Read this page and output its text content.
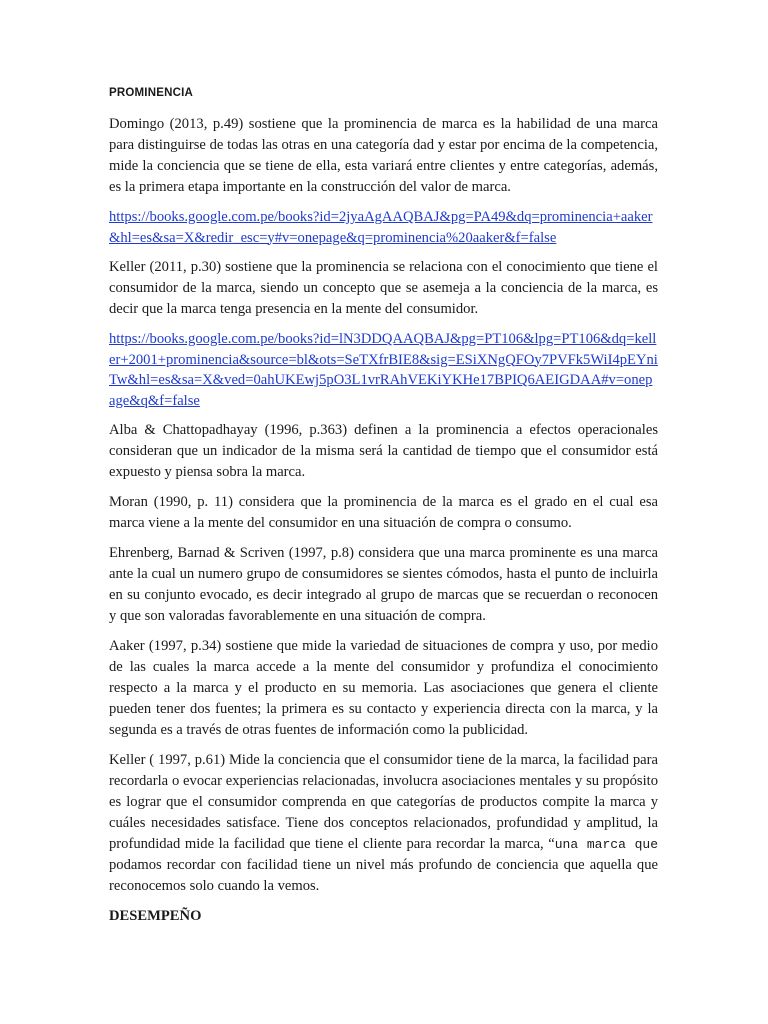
PROMINENCIA

Domingo (2013, p.49) sostiene que la prominencia de marca es la habilidad de una marca para distinguirse de todas las otras en una categoría dad y estar por encima de la competencia, mide la conciencia que se tiene de ella, esta variará entre clientes y entre categorías, además, es la primera etapa importante en la construcción del valor de marca.

https://books.google.com.pe/books?id=2jyaAgAAQBAJ&pg=PA49&dq=prominencia+aaker&hl=es&sa=X&redir_esc=y#v=onepage&q=prominencia%20aaker&f=false

Keller (2011, p.30) sostiene que la prominencia se relaciona con el conocimiento que tiene el consumidor de la marca, siendo un concepto que se asemeja a la conciencia de la marca, es decir que la marca tenga presencia en la mente del consumidor.

https://books.google.com.pe/books?id=lN3DDQAAQBAJ&pg=PT106&lpg=PT106&dq=keller+2001+prominencia&source=bl&ots=SeTXfrBIE8&sig=ESiXNgQFOy7PVFk5WiI4pEYniTw&hl=es&sa=X&ved=0ahUKEwj5pO3L1vrRAhVEKiYKHe17BPIQ6AEIGDAA#v=onepage&q&f=false

Alba & Chattopadhayay (1996, p.363) definen a la prominencia a efectos operacionales consideran que un indicador de la misma será la cantidad de tiempo que el consumidor está expuesto y piensa sobra la marca.

Moran (1990, p. 11) considera que la prominencia de la marca es el grado en el cual esa marca viene a la mente del consumidor en una situación de compra o consumo.

Ehrenberg, Barnad & Scriven (1997, p.8) considera que una marca prominente es una marca ante la cual un numero grupo de consumidores se sientes cómodos, hasta el punto de incluirla en su conjunto evocado, es decir integrado al grupo de marcas que se recuerdan o reconocen y que son valoradas favorablemente en una situación de compra.

Aaker (1997, p.34) sostiene que mide la variedad de situaciones de compra y uso, por medio de las cuales la marca accede a la mente del consumidor y profundiza el conocimiento respecto a la marca y el producto en su memoria. Las asociaciones que genera el cliente pueden tener dos fuentes; la primera es su contacto y experiencia directa con la marca, y la segunda es a través de otras fuentes de información como la publicidad.

Keller ( 1997, p.61) Mide la conciencia que el consumidor tiene de la marca, la facilidad para recordarla o evocar experiencias relacionadas, involucra asociaciones mentales y su propósito es lograr que el consumidor comprenda en que categorías de productos compite la marca y cuáles necesidades satisface. Tiene dos conceptos relacionados, profundidad y amplitud, la profundidad mide la facilidad que tiene el cliente para recordar la marca, “una marca que podamos recordar con facilidad tiene un nivel más profundo de conciencia que aquella que reconocemos solo cuando la vemos.

DESEMPEÑO
